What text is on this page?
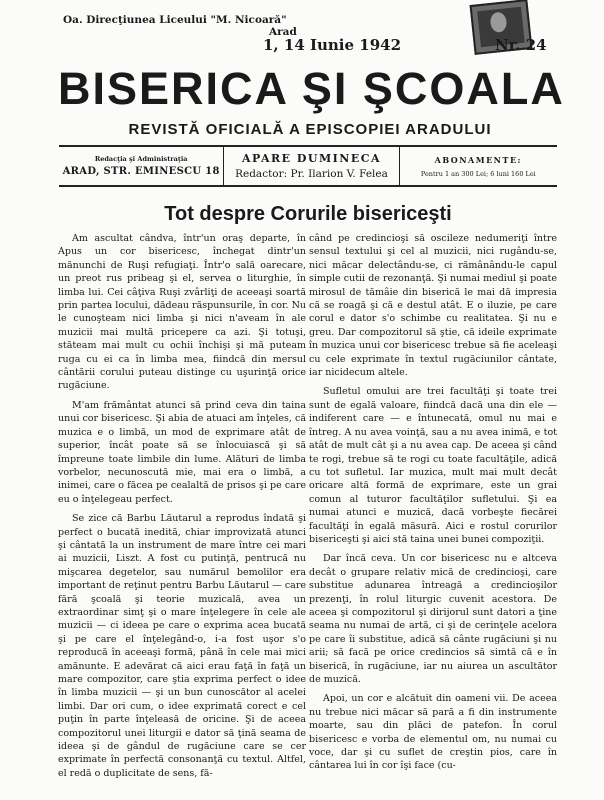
Oa. Direcţiunea Liceului "M. Nicoară"
Arad
1, 14 Iunie 1942	Nr. 24
BISERICA ŞI ŞCOALA
REVISTĂ OFICIALĂ A EPISCOPIEI ARADULUI
Redacţia şi Administraţia
ARAD, STR. EMINESCU 18
APARE DUMINECA
Redactor: Pr. Ilarion V. Felea
ABONAMENTE:
Pentru 1 an 300 Lei; 6 luni 160 Lei
Tot despre Corurile bisericeşti

Am ascultat cândva, într'un oraş departe, în Apus un cor bisericesc, închegat dintr'un mănunchi de Ruşi refugiaţi. Într'o sală oarecare, un preot rus pribeag şi el, servea o liturghie, în limba lui. Cei câţiva Ruşi zvârliţi de aceeaşi soartă prin partea locului, dădeau răspunsurile, în cor. Nu le cunoşteam nici limba şi nici n'aveam în ale muzicii mai multă pricepere ca azi. Şi totuşi, stăteam mai mult cu ochii închişi şi mă puteam ruga cu ei ca în limba mea, fiindcă din mersul cântării corului puteau distinge cu uşurinţă orice rugăciune.

M'am frământat atunci să prind ceva din taina unui cor bisericesc. Şi abia de atuaci am înţeles, că muzica e o limbă, un mod de exprimare atât de superior, încât poate să se înlocuiască şi să împreune toate limbile din lume. Alături de limba vorbelor, necunoscută mie, mai era o limbă, a inimei, care o făcea pe cealaltă de prisos şi pe care eu o înţelegeau perfect.

Se zice că Barbu Lăutarul a reprodus îndată şi perfect o bucată inedită, chiar improvizată atunci şi cântată la un instrument de mare între cei mari ai muzicii, Liszt. A fost cu putinţă, pentrucă nu mişcarea degetelor, sau numărul bemolilor era important de reţinut pentru Barbu Lăutarul — care fără şcoală şi teorie muzicală, avea un extraordinar simţ şi o mare înţelegere în cele ale muzicii — ci ideea pe care o exprima acea bucată şi pe care el înţelegând-o, i-a fost uşor s'o reproducă în aceeaşi formă, până în cele mai mici amănunte. E adevărat că aici erau faţă în faţă un mare compozitor, care ştia exprima perfect o idee în limba muzicii — şi un bun cunoscător al acelei limbi. Dar ori cum, o idee exprimată corect e cel puţin în parte înţeleasă de oricine. Şi de aceea compozitorul unei liturgii e dator să ţină seama de ideea şi de gândul de rugăciune care se cer exprimate în perfectă consonanţă cu textul. Altfel, el redă o duplicitate de sens, fă-

când pe credincioşi să oscileze nedumeriţi între sensul textului şi cel al muzicii, nici rugându-se, nici măcar delectându-se, ci rămânându-le capul simple cutii de rezonanţă. Şi numai mediul şi poate mirosul de tămâie din biserică le mai dă impresia că se roagă şi că e destul atât. E o iluzie, pe care corul e dator s'o schimbe cu realitatea. Şi nu e greu. Dar compozitorul să ştie, că ideile exprimate în muzica unui cor bisericesc trebue să fie aceleaşi cu cele exprimate în textul rugăciunilor cântate, iar nicidecum altele.

Sufletul omului are trei facultăţi şi toate trei sunt de egală valoare, fiindcă dacă una din ele — indiferent care — e întunecată, omul nu mai e întreg. A nu avea voinţă, sau a nu avea inimă, e tot atât de mult cât şi a nu avea cap. De aceea şi când te rogi, trebue să te rogi cu toate facultăţile, adică cu tot sufletul. Iar muzica, mult mai mult decât oricare altă formă de exprimare, este un grai comun al tuturor facultăţilor sufletului. Şi ea numai atunci e muzică, dacă vorbeşte fiecărei facultăţi în egală măsură. Aici e rostul corurilor bisericeşti şi aici stă taina unei bunei compoziţii.

Dar încă ceva. Un cor bisericesc nu e altceva decât o grupare relativ mică de credincioşi, care substitue adunarea întreagă a credincioşilor prezenţi, în rolul liturgic cuvenit acestora. De aceea şi compozitorul şi dirijorul sunt datori a ţine seama nu numai de artă, ci şi de cerinţele acelora pe care îi substitue, adică să cânte rugăciuni şi nu arii; să facă pe orice credincios să simtă că e în biserică, în rugăciune, iar nu aiurea un ascultător de muzică.

Apoi, un cor e alcătuit din oameni vii. De aceea nu trebue nici măcar să pară a fi din instrumente moarte, sau din plăci de patefon. În corul bisericesc e vorba de elementul om, nu numai cu voce, dar şi cu suflet de creştin pios, care în cântarea lui în cor îşi face (cu-
